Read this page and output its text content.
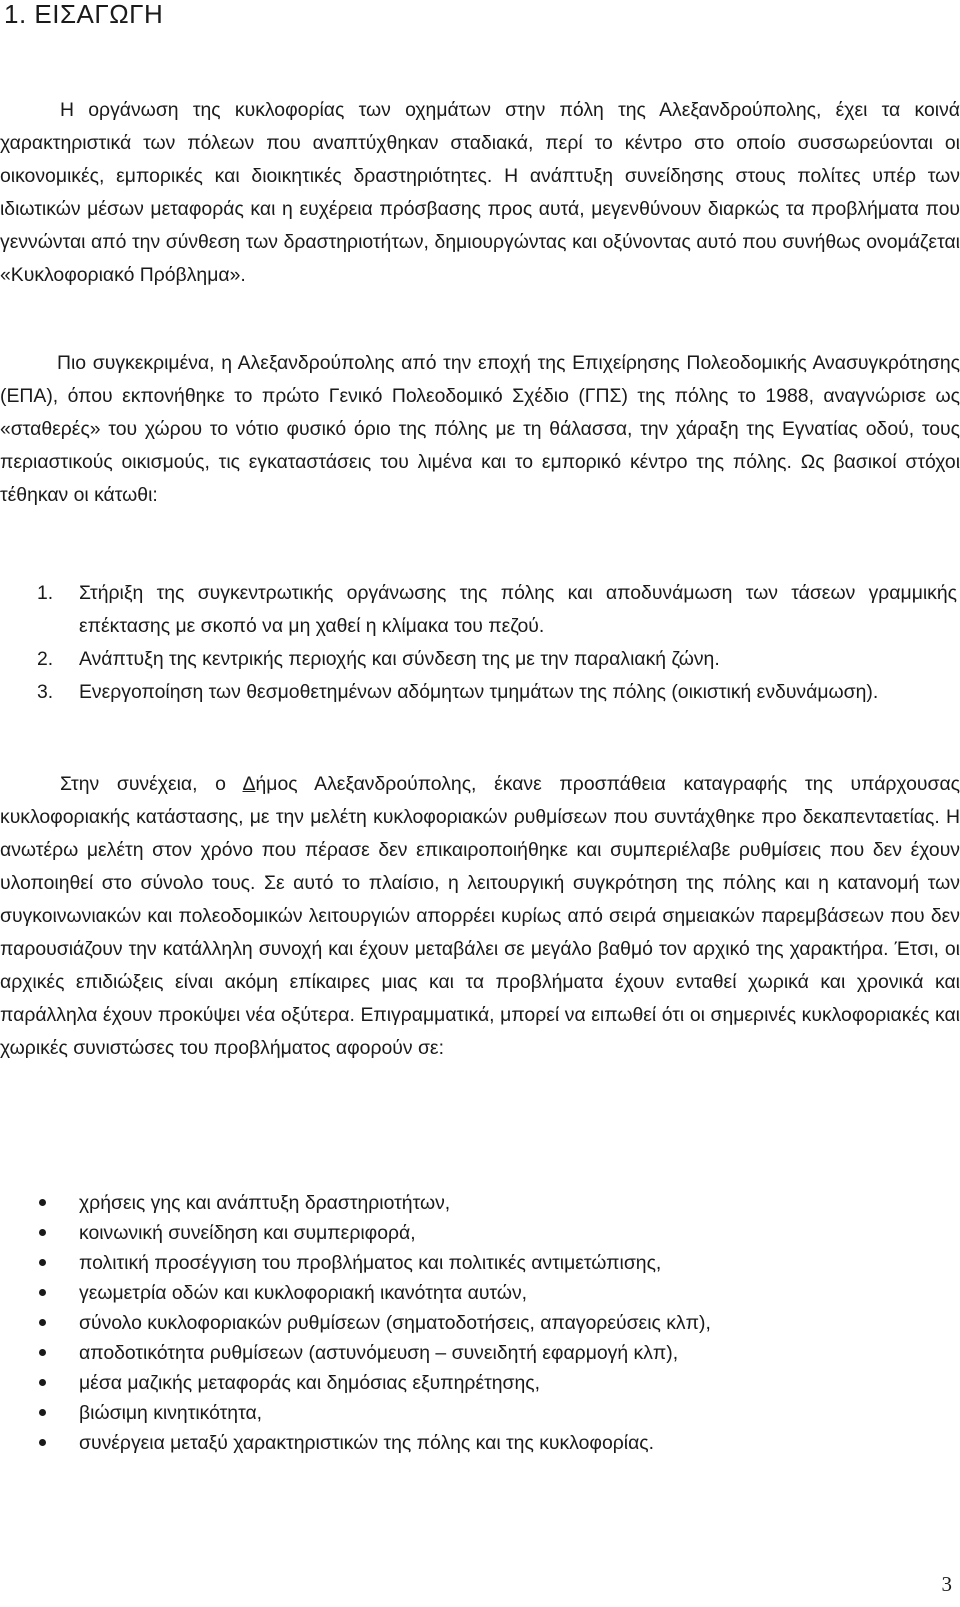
1. ΕΙΣΑΓΩΓΗ

Η οργάνωση της κυκλοφορίας των οχημάτων στην πόλη της Αλεξανδρούπολης, έχει τα κοινά χαρακτηριστικά των πόλεων που αναπτύχθηκαν σταδιακά, περί το κέντρο στο οποίο συσσωρεύονται οι οικονομικές, εμπορικές και διοικητικές δραστηριότητες. Η ανάπτυξη συνείδησης στους πολίτες υπέρ των ιδιωτικών μέσων μεταφοράς και η ευχέρεια πρόσβασης προς αυτά, μεγενθύνουν διαρκώς τα προβλήματα που γεννώνται από την σύνθεση των δραστηριοτήτων, δημιουργώντας και οξύνοντας αυτό που συνήθως ονομάζεται «Κυκλοφοριακό Πρόβλημα».

Πιο συγκεκριμένα, η Αλεξανδρούπολης από την εποχή της Επιχείρησης Πολεοδομικής Ανασυγκρότησης (ΕΠΑ), όπου εκπονήθηκε το πρώτο Γενικό Πολεοδομικό Σχέδιο (ΓΠΣ) της πόλης το 1988, αναγνώρισε ως «σταθερές» του χώρου το νότιο φυσικό όριο της πόλης με τη θάλασσα, την χάραξη της Εγνατίας οδού, τους περιαστικούς οικισμούς, τις εγκαταστάσεις του λιμένα και το εμπορικό κέντρο της πόλης. Ως βασικοί στόχοι τέθηκαν οι κάτωθι:

1. Στήριξη της συγκεντρωτικής οργάνωσης της πόλης και αποδυνάμωση των τάσεων γραμμικής επέκτασης με σκοπό να μη χαθεί η κλίμακα του πεζού.
2. Ανάπτυξη της κεντρικής περιοχής και σύνδεση της με την παραλιακή ζώνη.
3. Ενεργοποίηση των θεσμοθετημένων αδόμητων τμημάτων της πόλης (οικιστική ενδυνάμωση).

Στην συνέχεια, ο Δήμος Αλεξανδρούπολης, έκανε προσπάθεια καταγραφής της υπάρχουσας κυκλοφοριακής κατάστασης, με την μελέτη κυκλοφοριακών ρυθμίσεων που συντάχθηκε προ δεκαπενταετίας. Η ανωτέρω μελέτη στον χρόνο που πέρασε δεν επικαιροποιήθηκε και συμπεριέλαβε ρυθμίσεις που δεν έχουν υλοποιηθεί στο σύνολο τους. Σε αυτό το πλαίσιο, η λειτουργική συγκρότηση της πόλης και η κατανομή των συγκοινωνιακών και πολεοδομικών λειτουργιών απορρέει κυρίως από σειρά σημειακών παρεμβάσεων που δεν παρουσιάζουν την κατάλληλη συνοχή και έχουν μεταβάλει σε μεγάλο βαθμό τον αρχικό της χαρακτήρα. Έτσι, οι αρχικές επιδιώξεις είναι ακόμη επίκαιρες μιας και τα προβλήματα έχουν ενταθεί χωρικά και χρονικά και παράλληλα έχουν προκύψει νέα οξύτερα. Επιγραμματικά, μπορεί να ειπωθεί ότι οι σημερινές κυκλοφοριακές και χωρικές συνιστώσες του προβλήματος αφορούν σε:

χρήσεις γης και ανάπτυξη δραστηριοτήτων,
κοινωνική συνείδηση και συμπεριφορά,
πολιτική προσέγγιση του προβλήματος και πολιτικές αντιμετώπισης,
γεωμετρία οδών και κυκλοφοριακή ικανότητα αυτών,
σύνολο κυκλοφοριακών ρυθμίσεων (σηματοδοτήσεις, απαγορεύσεις κλπ),
αποδοτικότητα ρυθμίσεων (αστυνόμευση – συνειδητή εφαρμογή κλπ),
μέσα μαζικής μεταφοράς και δημόσιας εξυπηρέτησης,
βιώσιμη κινητικότητα,
συνέργεια μεταξύ χαρακτηριστικών της πόλης και της κυκλοφορίας.
3
